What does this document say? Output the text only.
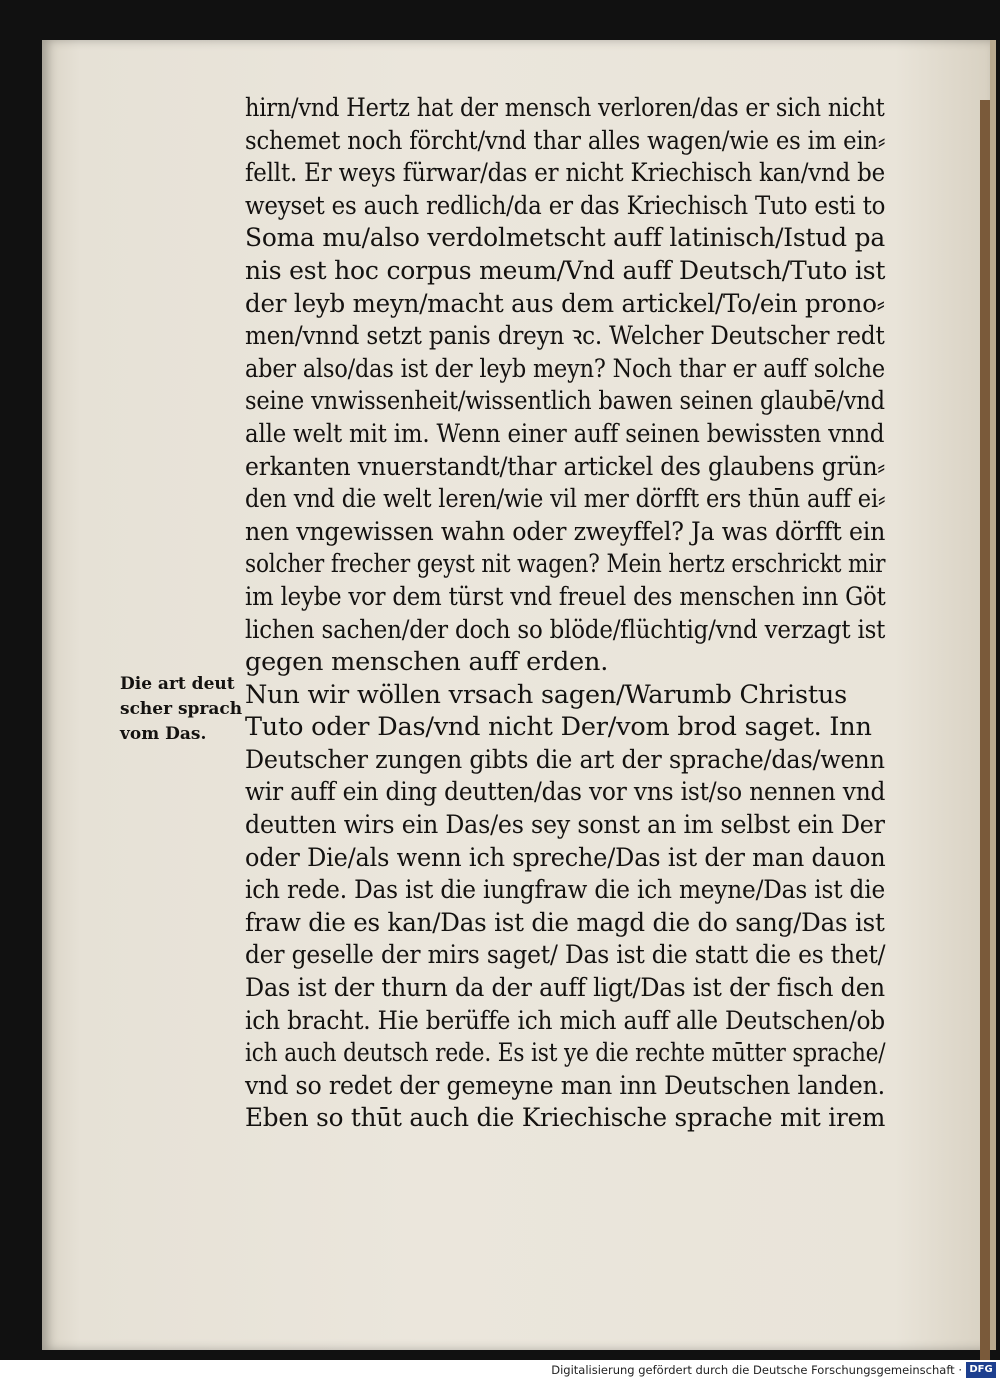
Die art deut
scher sprach
vom Das.
hirn/vnd Hertz hat der mensch verloren/das er sich nicht
schemet noch förcht/vnd thar alles wagen/wie es im ein⸗
fellt. Er weys fürwar/das er nicht Kriechisch kan/vnd be
weyset es auch redlich/da er das Kriechisch Tuto esti to
Soma mu/also verdolmetscht auff latinisch/Istud pa
nis est hoc corpus meum/Vnd auff Deutsch/Tuto ist
der leyb meyn/macht aus dem artickel/To/ein prono⸗
men/vnnd setzt panis dreyn ꝛc. Welcher Deutscher redt
aber also/das ist der leyb meyn? Noch thar er auff solche
seine vnwissenheit/wissentlich bawen seinen glaubē/vnd
alle welt mit im. Wenn einer auff seinen bewissten vnnd
erkanten vnuerstandt/thar artickel des glaubens grün⸗
den vnd die welt leren/wie vil mer dörfft ers thūn auff ei⸗
nen vngewissen wahn oder zweyffel? Ja was dörfft ein
solcher frecher geyst nit wagen? Mein hertz erschrickt mir
im leybe vor dem türst vnd freuel des menschen inn Göt
lichen sachen/der doch so blöde/flüchtig/vnd verzagt ist
gegen menschen auff erden.
Nun wir wöllen vrsach sagen/Warumb Christus
Tuto oder Das/vnd nicht Der/vom brod saget. Inn
Deutscher zungen gibts die art der sprache/das/wenn
wir auff ein ding deutten/das vor vns ist/so nennen vnd
deutten wirs ein Das/es sey sonst an im selbst ein Der
oder Die/als wenn ich spreche/Das ist der man dauon
ich rede. Das ist die iungfraw die ich meyne/Das ist die
fraw die es kan/Das ist die magd die do sang/Das ist
der geselle der mirs saget/ Das ist die statt die es thet/
Das ist der thurn da der auff ligt/Das ist der fisch den
ich bracht. Hie berüffe ich mich auff alle Deutschen/ob
ich auch deutsch rede. Es ist ye die rechte mūtter sprache/
vnd so redet der gemeyne man inn Deutschen landen.
Eben so thūt auch die Kriechische sprache mit irem
Digitalisierung gefördert durch die Deutsche Forschungsgemeinschaft · DFG
